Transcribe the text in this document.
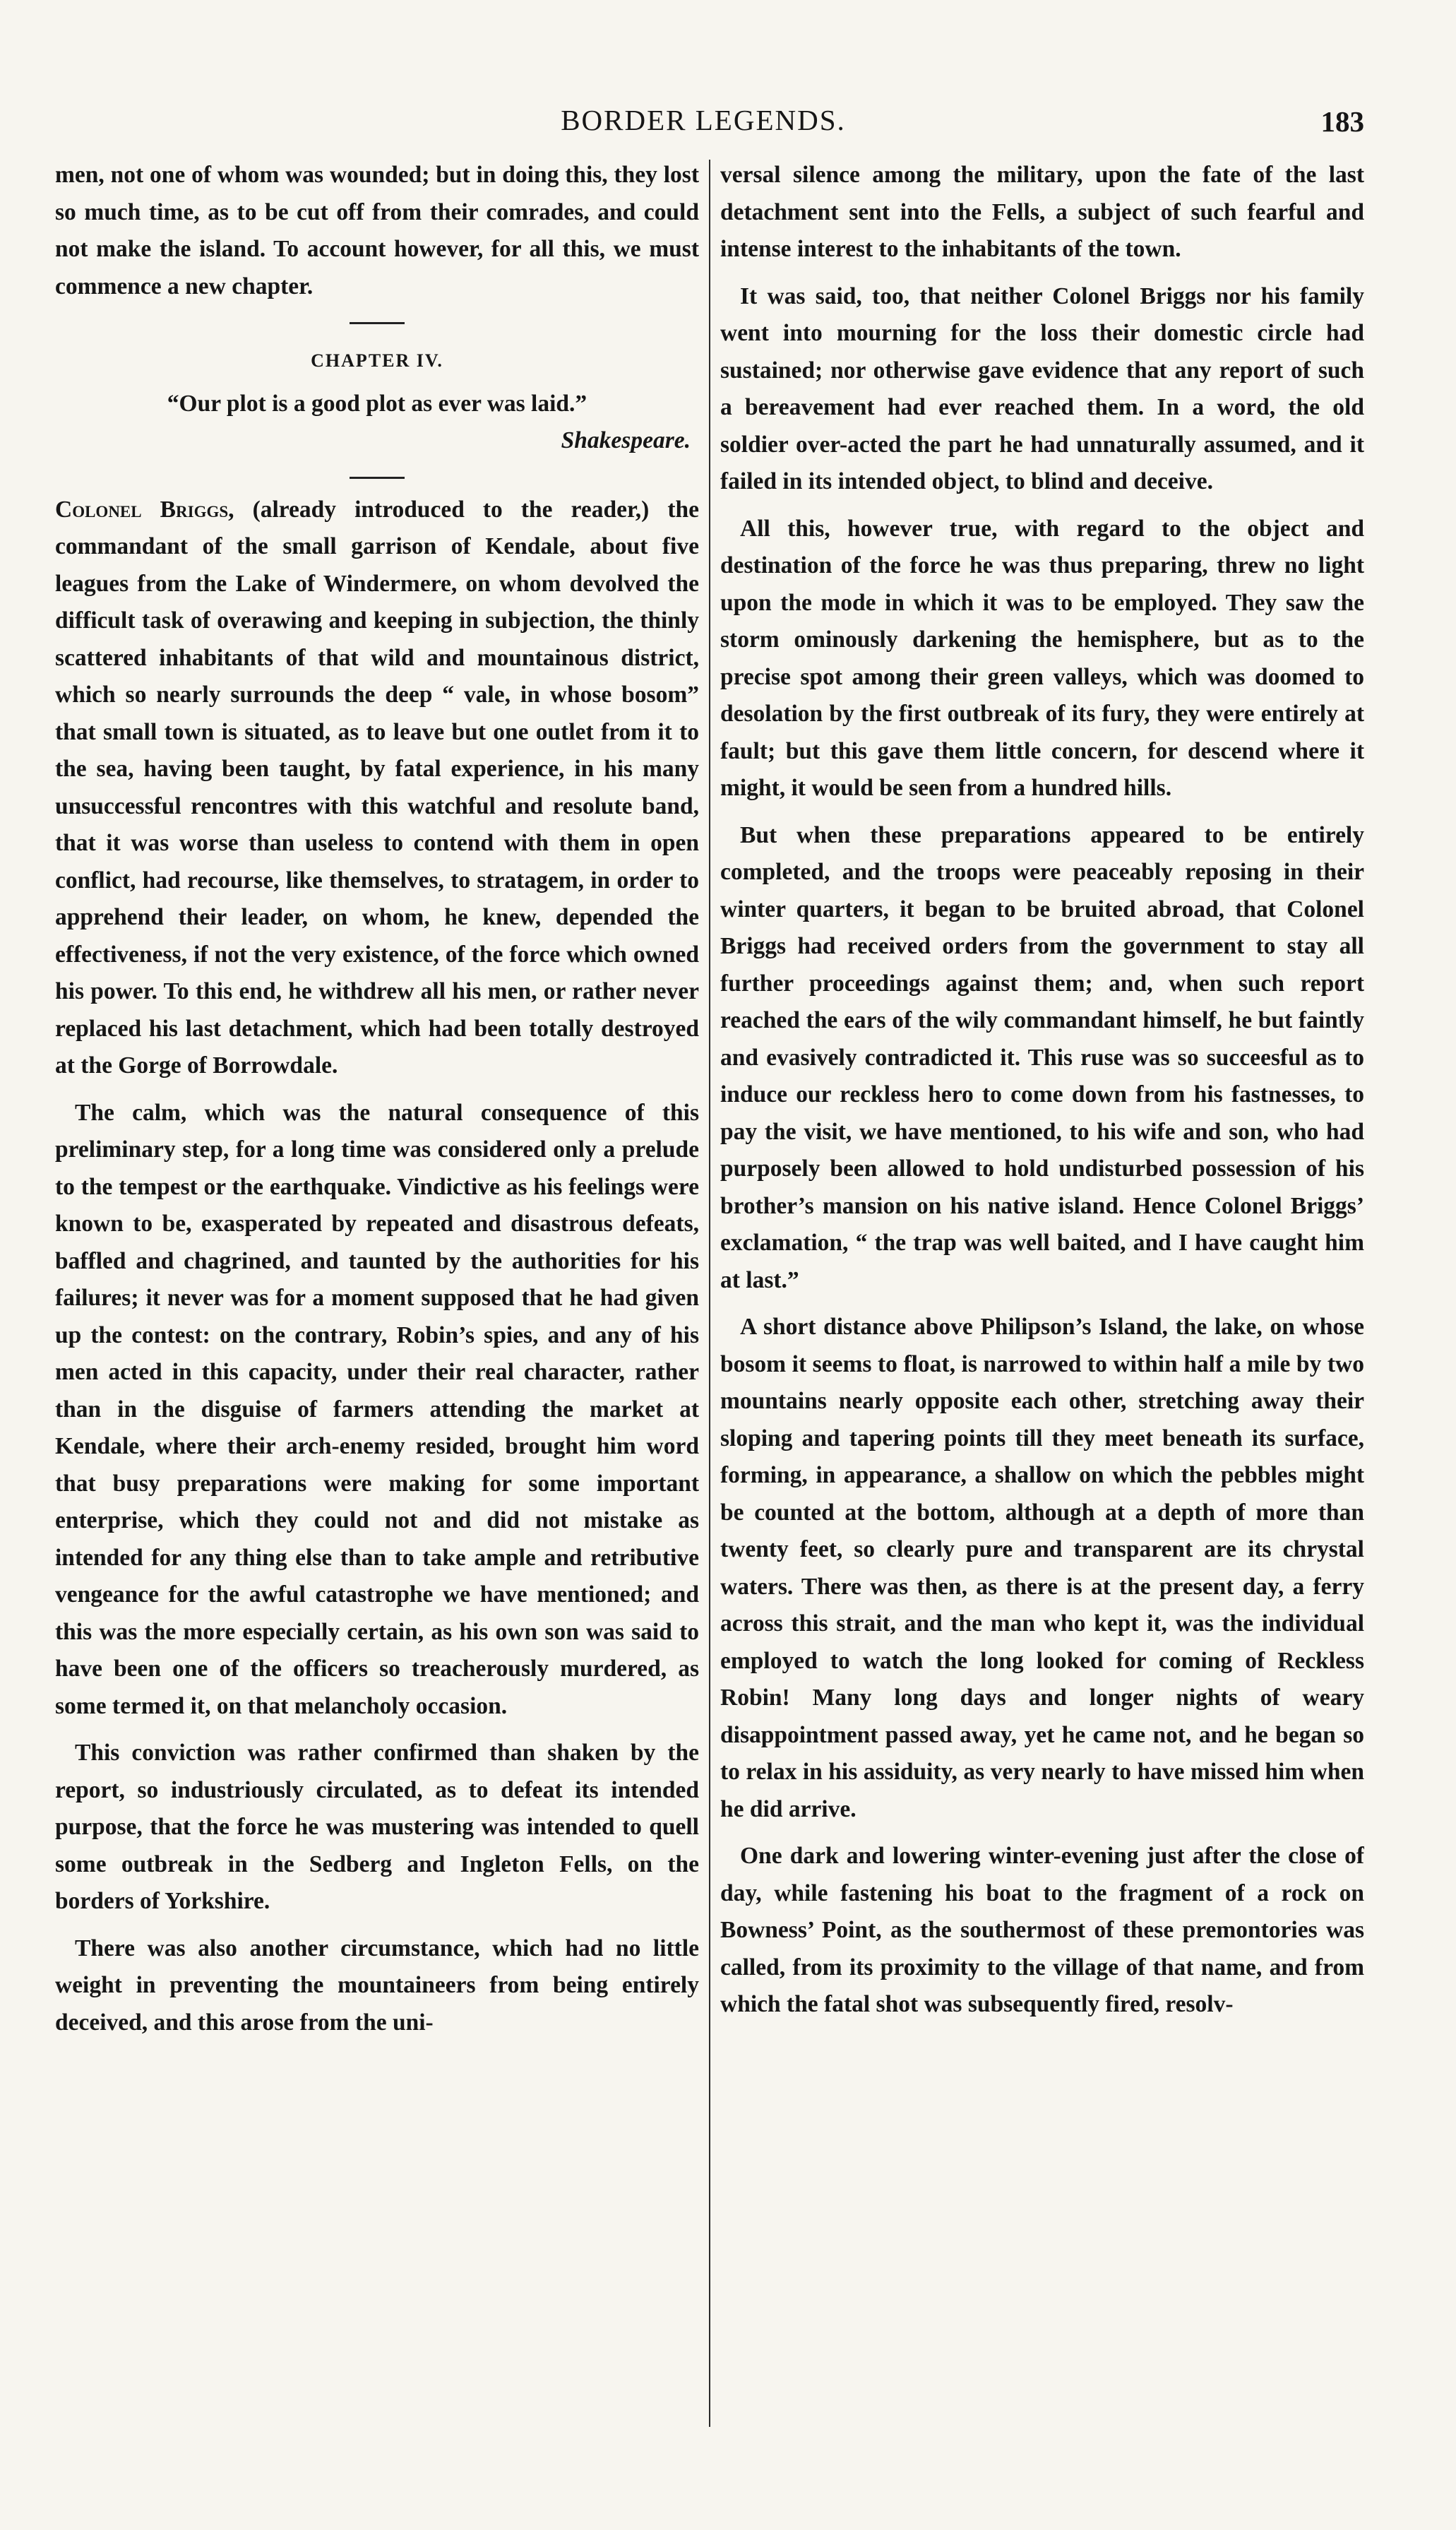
BORDER LEGENDS.	183

men, not one of whom was wounded; but in doing this, they lost so much time, as to be cut off from their comrades, and could not make the island. To account however, for all this, we must commence a new chapter.

CHAPTER IV.

“Our plot is a good plot as ever was laid.”

Shakespeare.

Colonel Briggs, (already introduced to the reader,) the commandant of the small garrison of Kendale, about five leagues from the Lake of Windermere, on whom devolved the difficult task of overawing and keeping in subjection, the thinly scattered inhabitants of that wild and mountainous district, which so nearly surrounds the deep “ vale, in whose bosom” that small town is situated, as to leave but one outlet from it to the sea, having been taught, by fatal experience, in his many unsuccessful rencontres with this watchful and resolute band, that it was worse than useless to contend with them in open conflict, had recourse, like themselves, to stratagem, in order to apprehend their leader, on whom, he knew, depended the effectiveness, if not the very existence, of the force which owned his power. To this end, he withdrew all his men, or rather never replaced his last detachment, which had been totally destroyed at the Gorge of Borrowdale.

The calm, which was the natural consequence of this preliminary step, for a long time was considered only a prelude to the tempest or the earthquake. Vindictive as his feelings were known to be, exasperated by repeated and disastrous defeats, baffled and chagrined, and taunted by the authorities for his failures; it never was for a moment supposed that he had given up the contest: on the contrary, Robin’s spies, and any of his men acted in this capacity, under their real character, rather than in the disguise of farmers attending the market at Kendale, where their arch-enemy resided, brought him word that busy preparations were making for some important enterprise, which they could not and did not mistake as intended for any thing else than to take ample and retributive vengeance for the awful catastrophe we have mentioned; and this was the more especially certain, as his own son was said to have been one of the officers so treacherously murdered, as some termed it, on that melancholy occasion.

This conviction was rather confirmed than shaken by the report, so industriously circulated, as to defeat its intended purpose, that the force he was mustering was intended to quell some outbreak in the Sedberg and Ingleton Fells, on the borders of Yorkshire.

There was also another circumstance, which had no little weight in preventing the mountaineers from being entirely deceived, and this arose from the uni-

versal silence among the military, upon the fate of the last detachment sent into the Fells, a subject of such fearful and intense interest to the inhabitants of the town.

It was said, too, that neither Colonel Briggs nor his family went into mourning for the loss their domestic circle had sustained; nor otherwise gave evidence that any report of such a bereavement had ever reached them. In a word, the old soldier over-acted the part he had unnaturally assumed, and it failed in its intended object, to blind and deceive.

All this, however true, with regard to the object and destination of the force he was thus preparing, threw no light upon the mode in which it was to be employed. They saw the storm ominously darkening the hemisphere, but as to the precise spot among their green valleys, which was doomed to desolation by the first outbreak of its fury, they were entirely at fault; but this gave them little concern, for descend where it might, it would be seen from a hundred hills.

But when these preparations appeared to be entirely completed, and the troops were peaceably reposing in their winter quarters, it began to be bruited abroad, that Colonel Briggs had received orders from the government to stay all further proceedings against them; and, when such report reached the ears of the wily commandant himself, he but faintly and evasively contradicted it. This ruse was so succeesful as to induce our reckless hero to come down from his fastnesses, to pay the visit, we have mentioned, to his wife and son, who had purposely been allowed to hold undisturbed possession of his brother’s mansion on his native island. Hence Colonel Briggs’ exclamation, “ the trap was well baited, and I have caught him at last.”

A short distance above Philipson’s Island, the lake, on whose bosom it seems to float, is narrowed to within half a mile by two mountains nearly opposite each other, stretching away their sloping and tapering points till they meet beneath its surface, forming, in appearance, a shallow on which the pebbles might be counted at the bottom, although at a depth of more than twenty feet, so clearly pure and transparent are its chrystal waters. There was then, as there is at the present day, a ferry across this strait, and the man who kept it, was the individual employed to watch the long looked for coming of Reckless Robin! Many long days and longer nights of weary disappointment passed away, yet he came not, and he began so to relax in his assiduity, as very nearly to have missed him when he did arrive.

One dark and lowering winter-evening just after the close of day, while fastening his boat to the fragment of a rock on Bowness’ Point, as the southermost of these premontories was called, from its proximity to the village of that name, and from which the fatal shot was subsequently fired, resolv-
